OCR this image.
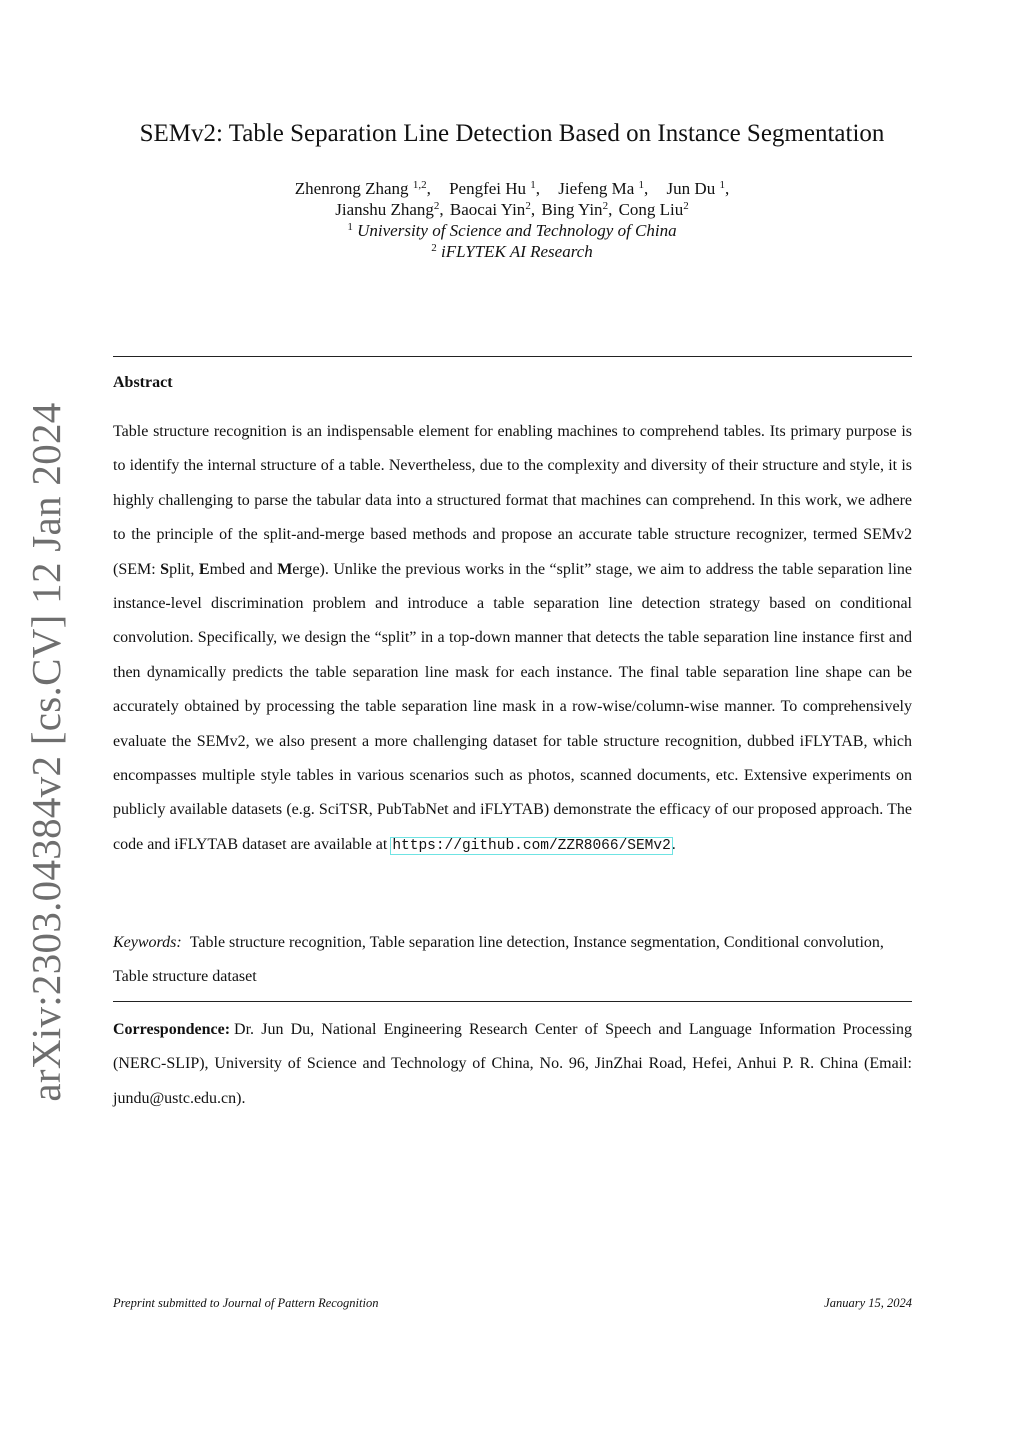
arXiv:2303.04384v2 [cs.CV] 12 Jan 2024
SEMv2: Table Separation Line Detection Based on Instance Segmentation
Zhenrong Zhang $^{1,2}$, Pengfei Hu $^1$, Jiefeng Ma $^1$, Jun Du $^1$,
Jianshu Zhang$^2$, Baocai Yin$^2$, Bing Yin$^2$, Cong Liu$^2$
$^1$ University of Science and Technology of China
$^2$ iFLYTEK AI Research
Abstract
Table structure recognition is an indispensable element for enabling machines to comprehend tables. Its primary purpose is to identify the internal structure of a table. Nevertheless, due to the complexity and diversity of their structure and style, it is highly challenging to parse the tabular data into a structured format that machines can comprehend. In this work, we adhere to the principle of the split-and-merge based methods and propose an accurate table structure recognizer, termed SEMv2 (SEM: Split, Embed and Merge). Unlike the previous works in the “split” stage, we aim to address the table separation line instance-level discrimination problem and introduce a table separation line detection strategy based on conditional convolution. Specifically, we design the “split” in a top-down manner that detects the table separation line instance first and then dynamically predicts the table separation line mask for each instance. The final table separation line shape can be accurately obtained by processing the table separation line mask in a row-wise/column-wise manner. To comprehensively evaluate the SEMv2, we also present a more challenging dataset for table structure recognition, dubbed iFLYTAB, which encompasses multiple style tables in various scenarios such as photos, scanned documents, etc. Extensive experiments on publicly available datasets (e.g. SciTSR, PubTabNet and iFLYTAB) demonstrate the efficacy of our proposed approach. The code and iFLYTAB dataset are available at https://github.com/ZZR8066/SEMv2.
Keywords: Table structure recognition, Table separation line detection, Instance segmentation, Conditional convolution, Table structure dataset
Correspondence: Dr. Jun Du, National Engineering Research Center of Speech and Language Information Processing (NERC-SLIP), University of Science and Technology of China, No. 96, JinZhai Road, Hefei, Anhui P. R. China (Email: jundu@ustc.edu.cn).
Preprint submitted to Journal of Pattern Recognition	January 15, 2024
